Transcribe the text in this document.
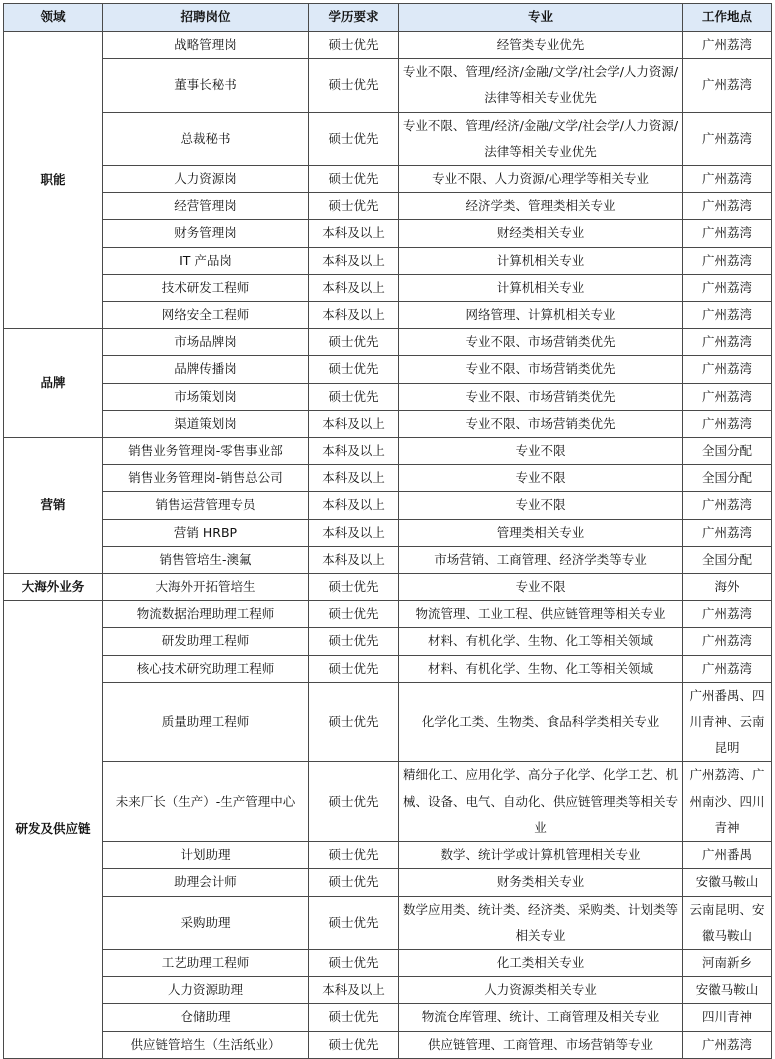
领域	招聘岗位	学历要求	专业	工作地点
职能	战略管理岗	硕士优先	经管类专业优先	广州荔湾
	董事长秘书	硕士优先	专业不限、管理/经济/金融/文学/社会学/人力资源/法律等相关专业优先	广州荔湾
	总裁秘书	硕士优先	专业不限、管理/经济/金融/文学/社会学/人力资源/法律等相关专业优先	广州荔湾
	人力资源岗	硕士优先	专业不限、人力资源/心理学等相关专业	广州荔湾
	经营管理岗	硕士优先	经济学类、管理类相关专业	广州荔湾
	财务管理岗	本科及以上	财经类相关专业	广州荔湾
	IT 产品岗	本科及以上	计算机相关专业	广州荔湾
	技术研发工程师	本科及以上	计算机相关专业	广州荔湾
	网络安全工程师	本科及以上	网络管理、计算机相关专业	广州荔湾
品牌	市场品牌岗	硕士优先	专业不限、市场营销类优先	广州荔湾
	品牌传播岗	硕士优先	专业不限、市场营销类优先	广州荔湾
	市场策划岗	硕士优先	专业不限、市场营销类优先	广州荔湾
	渠道策划岗	本科及以上	专业不限、市场营销类优先	广州荔湾
营销	销售业务管理岗-零售事业部	本科及以上	专业不限	全国分配
	销售业务管理岗-销售总公司	本科及以上	专业不限	全国分配
	销售运营管理专员	本科及以上	专业不限	广州荔湾
	营销 HRBP	本科及以上	管理类相关专业	广州荔湾
	销售管培生-澳氟	本科及以上	市场营销、工商管理、经济学类等专业	全国分配
大海外业务	大海外开拓管培生	硕士优先	专业不限	海外
研发及供应链	物流数据治理助理工程师	硕士优先	物流管理、工业工程、供应链管理等相关专业	广州荔湾
	研发助理工程师	硕士优先	材料、有机化学、生物、化工等相关领域	广州荔湾
	核心技术研究助理工程师	硕士优先	材料、有机化学、生物、化工等相关领域	广州荔湾
	质量助理工程师	硕士优先	化学化工类、生物类、食品科学类相关专业	广州番禺、四川青神、云南昆明
	未来厂长（生产）-生产管理中心	硕士优先	精细化工、应用化学、高分子化学、化学工艺、机械、设备、电气、自动化、供应链管理类等相关专业	广州荔湾、广州南沙、四川青神
	计划助理	硕士优先	数学、统计学或计算机管理相关专业	广州番禺
	助理会计师	硕士优先	财务类相关专业	安徽马鞍山
	采购助理	硕士优先	数学应用类、统计类、经济类、采购类、计划类等相关专业	云南昆明、安徽马鞍山
	工艺助理工程师	硕士优先	化工类相关专业	河南新乡
	人力资源助理	本科及以上	人力资源类相关专业	安徽马鞍山
	仓储助理	硕士优先	物流仓库管理、统计、工商管理及相关专业	四川青神
	供应链管培生（生活纸业）	硕士优先	供应链管理、工商管理、市场营销等专业	广州荔湾
